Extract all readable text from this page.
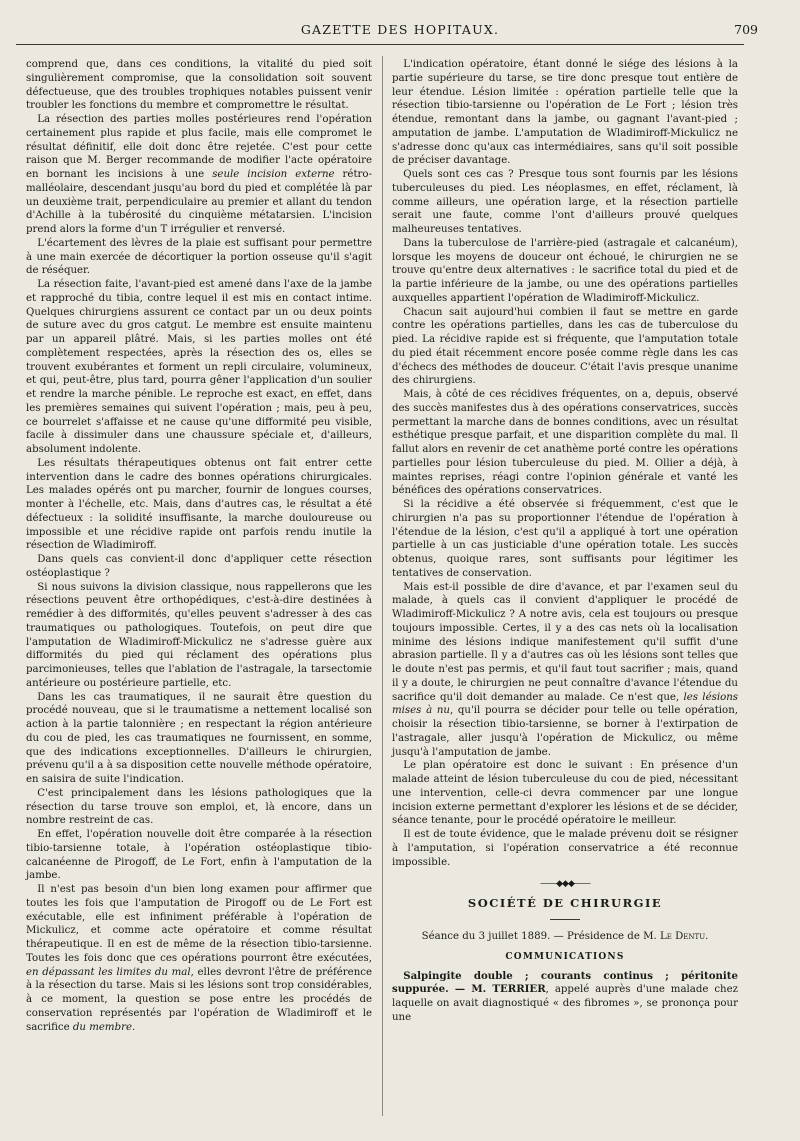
GAZETTE DES HOPITAUX.	709

comprend que, dans ces conditions, la vitalité du pied soit singulièrement compromise, que la consolidation soit souvent défectueuse, que des troubles trophiques notables puissent venir troubler les fonctions du membre et compromettre le résultat.

La résection des parties molles postérieures rend l'opération certainement plus rapide et plus facile, mais elle compromet le résultat définitif, elle doit donc être rejetée. C'est pour cette raison que M. Berger recommande de modifier l'acte opératoire en bornant les incisions à une seule incision externe rétro-malléolaire, descendant jusqu'au bord du pied et complétée là par un deuxième trait, perpendiculaire au premier et allant du tendon d'Achille à la tubérosité du cinquième métatarsien. L'incision prend alors la forme d'un T irrégulier et renversé.

L'écartement des lèvres de la plaie est suffisant pour permettre à une main exercée de décortiquer la portion osseuse qu'il s'agit de réséquer.

La résection faite, l'avant-pied est amené dans l'axe de la jambe et rapproché du tibia, contre lequel il est mis en contact intime. Quelques chirurgiens assurent ce contact par un ou deux points de suture avec du gros catgut. Le membre est ensuite maintenu par un appareil plâtré. Mais, si les parties molles ont été complètement respectées, après la résection des os, elles se trouvent exubérantes et forment un repli circulaire, volumineux, et qui, peut-être, plus tard, pourra gêner l'application d'un soulier et rendre la marche pénible. Le reproche est exact, en effet, dans les premières semaines qui suivent l'opération ; mais, peu à peu, ce bourrelet s'affaisse et ne cause qu'une difformité peu visible, facile à dissimuler dans une chaussure spéciale et, d'ailleurs, absolument indolente.

Les résultats thérapeutiques obtenus ont fait entrer cette intervention dans le cadre des bonnes opérations chirurgicales. Les malades opérés ont pu marcher, fournir de longues courses, monter à l'échelle, etc. Mais, dans d'autres cas, le résultat a été défectueux : la solidité insuffisante, la marche douloureuse ou impossible et une récidive rapide ont parfois rendu inutile la résection de Wladimiroff.

Dans quels cas convient-il donc d'appliquer cette résection ostéoplastique ?

Si nous suivons la division classique, nous rappellerons que les résections peuvent être orthopédiques, c'est-à-dire destinées à remédier à des difformités, qu'elles peuvent s'adresser à des cas traumatiques ou pathologiques. Toutefois, on peut dire que l'amputation de Wladimiroff-Mickulicz ne s'adresse guère aux difformités du pied qui réclament des opérations plus parcimonieuses, telles que l'ablation de l'astragale, la tarsectomie antérieure ou postérieure partielle, etc.

Dans les cas traumatiques, il ne saurait être question du procédé nouveau, que si le traumatisme a nettement localisé son action à la partie talonnière ; en respectant la région antérieure du cou de pied, les cas traumatiques ne fournissent, en somme, que des indications exceptionnelles. D'ailleurs le chirurgien, prévenu qu'il a à sa disposition cette nouvelle méthode opératoire, en saisira de suite l'indication.

C'est principalement dans les lésions pathologiques que la résection du tarse trouve son emploi, et, là encore, dans un nombre restreint de cas.

En effet, l'opération nouvelle doit être comparée à la résection tibio-tarsienne totale, à l'opération ostéoplastique tibio-calcanéenne de Pirogoff, de Le Fort, enfin à l'amputation de la jambe.

Il n'est pas besoin d'un bien long examen pour affirmer que toutes les fois que l'amputation de Pirogoff ou de Le Fort est exécutable, elle est infiniment préférable à l'opération de Mickulicz, et comme acte opératoire et comme résultat thérapeutique. Il en est de même de la résection tibio-tarsienne. Toutes les fois donc que ces opérations pourront être exécutées, en dépassant les limites du mal, elles devront l'être de préférence à la résection du tarse. Mais si les lésions sont trop considérables, à ce moment, la question se pose entre les procédés de conservation représentés par l'opération de Wladimiroff et le sacrifice du membre.

L'indication opératoire, étant donné le siége des lésions à la partie supérieure du tarse, se tire donc presque tout entière de leur étendue. Lésion limitée : opération partielle telle que la résection tibio-tarsienne ou l'opération de Le Fort ; lésion très étendue, remontant dans la jambe, ou gagnant l'avant-pied ; amputation de jambe. L'amputation de Wladimiroff-Mickulicz ne s'adresse donc qu'aux cas intermédiaires, sans qu'il soit possible de préciser davantage.

Quels sont ces cas ? Presque tous sont fournis par les lésions tuberculeuses du pied. Les néoplasmes, en effet, réclament, là comme ailleurs, une opération large, et la résection partielle serait une faute, comme l'ont d'ailleurs prouvé quelques malheureuses tentatives.

Dans la tuberculose de l'arrière-pied (astragale et calcanéum), lorsque les moyens de douceur ont échoué, le chirurgien ne se trouve qu'entre deux alternatives : le sacrifice total du pied et de la partie inférieure de la jambe, ou une des opérations partielles auxquelles appartient l'opération de Wladimiroff-Mickulicz.

Chacun sait aujourd'hui combien il faut se mettre en garde contre les opérations partielles, dans les cas de tuberculose du pied. La récidive rapide est si fréquente, que l'amputation totale du pied était récemment encore posée comme règle dans les cas d'échecs des méthodes de douceur. C'était l'avis presque unanime des chirurgiens.

Mais, à côté de ces récidives fréquentes, on a, depuis, observé des succès manifestes dus à des opérations conservatrices, succès permettant la marche dans de bonnes conditions, avec un résultat esthétique presque parfait, et une disparition complète du mal. Il fallut alors en revenir de cet anathème porté contre les opérations partielles pour lésion tuberculeuse du pied. M. Ollier a déjà, à maintes reprises, réagi contre l'opinion générale et vanté les bénéfices des opérations conservatrices.

Si la récidive a été observée si fréquemment, c'est que le chirurgien n'a pas su proportionner l'étendue de l'opération à l'étendue de la lésion, c'est qu'il a appliqué à tort une opération partielle à un cas justiciable d'une opération totale. Les succès obtenus, quoique rares, sont suffisants pour légitimer les tentatives de conservation.

Mais est-il possible de dire d'avance, et par l'examen seul du malade, à quels cas il convient d'appliquer le procédé de Wladimiroff-Mickulicz ? A notre avis, cela est toujours ou presque toujours impossible. Certes, il y a des cas nets où la localisation minime des lésions indique manifestement qu'il suffit d'une abrasion partielle. Il y a d'autres cas où les lésions sont telles que le doute n'est pas permis, et qu'il faut tout sacrifier ; mais, quand il y a doute, le chirurgien ne peut connaître d'avance l'étendue du sacrifice qu'il doit demander au malade. Ce n'est que, les lésions mises à nu, qu'il pourra se décider pour telle ou telle opération, choisir la résection tibio-tarsienne, se borner à l'extirpation de l'astragale, aller jusqu'à l'opération de Mickulicz, ou même jusqu'à l'amputation de jambe.

Le plan opératoire est donc le suivant : En présence d'un malade atteint de lésion tuberculeuse du cou de pied, nécessitant une intervention, celle-ci devra commencer par une longue incision externe permettant d'explorer les lésions et de se décider, séance tenante, pour le procédé opératoire le meilleur.

Il est de toute évidence, que le malade prévenu doit se résigner à l'amputation, si l'opération conservatrice a été reconnue impossible.

——◆◆◆——
SOCIÉTÉ DE CHIRURGIE

Séance du 3 juillet 1889. — Présidence de M. Le Dentu.

COMMUNICATIONS

Salpingite double ; courants continus ; péritonite suppurée. — M. TERRIER, appelé auprès d'une malade chez laquelle on avait diagnostiqué « des fibromes », se prononça pour une
